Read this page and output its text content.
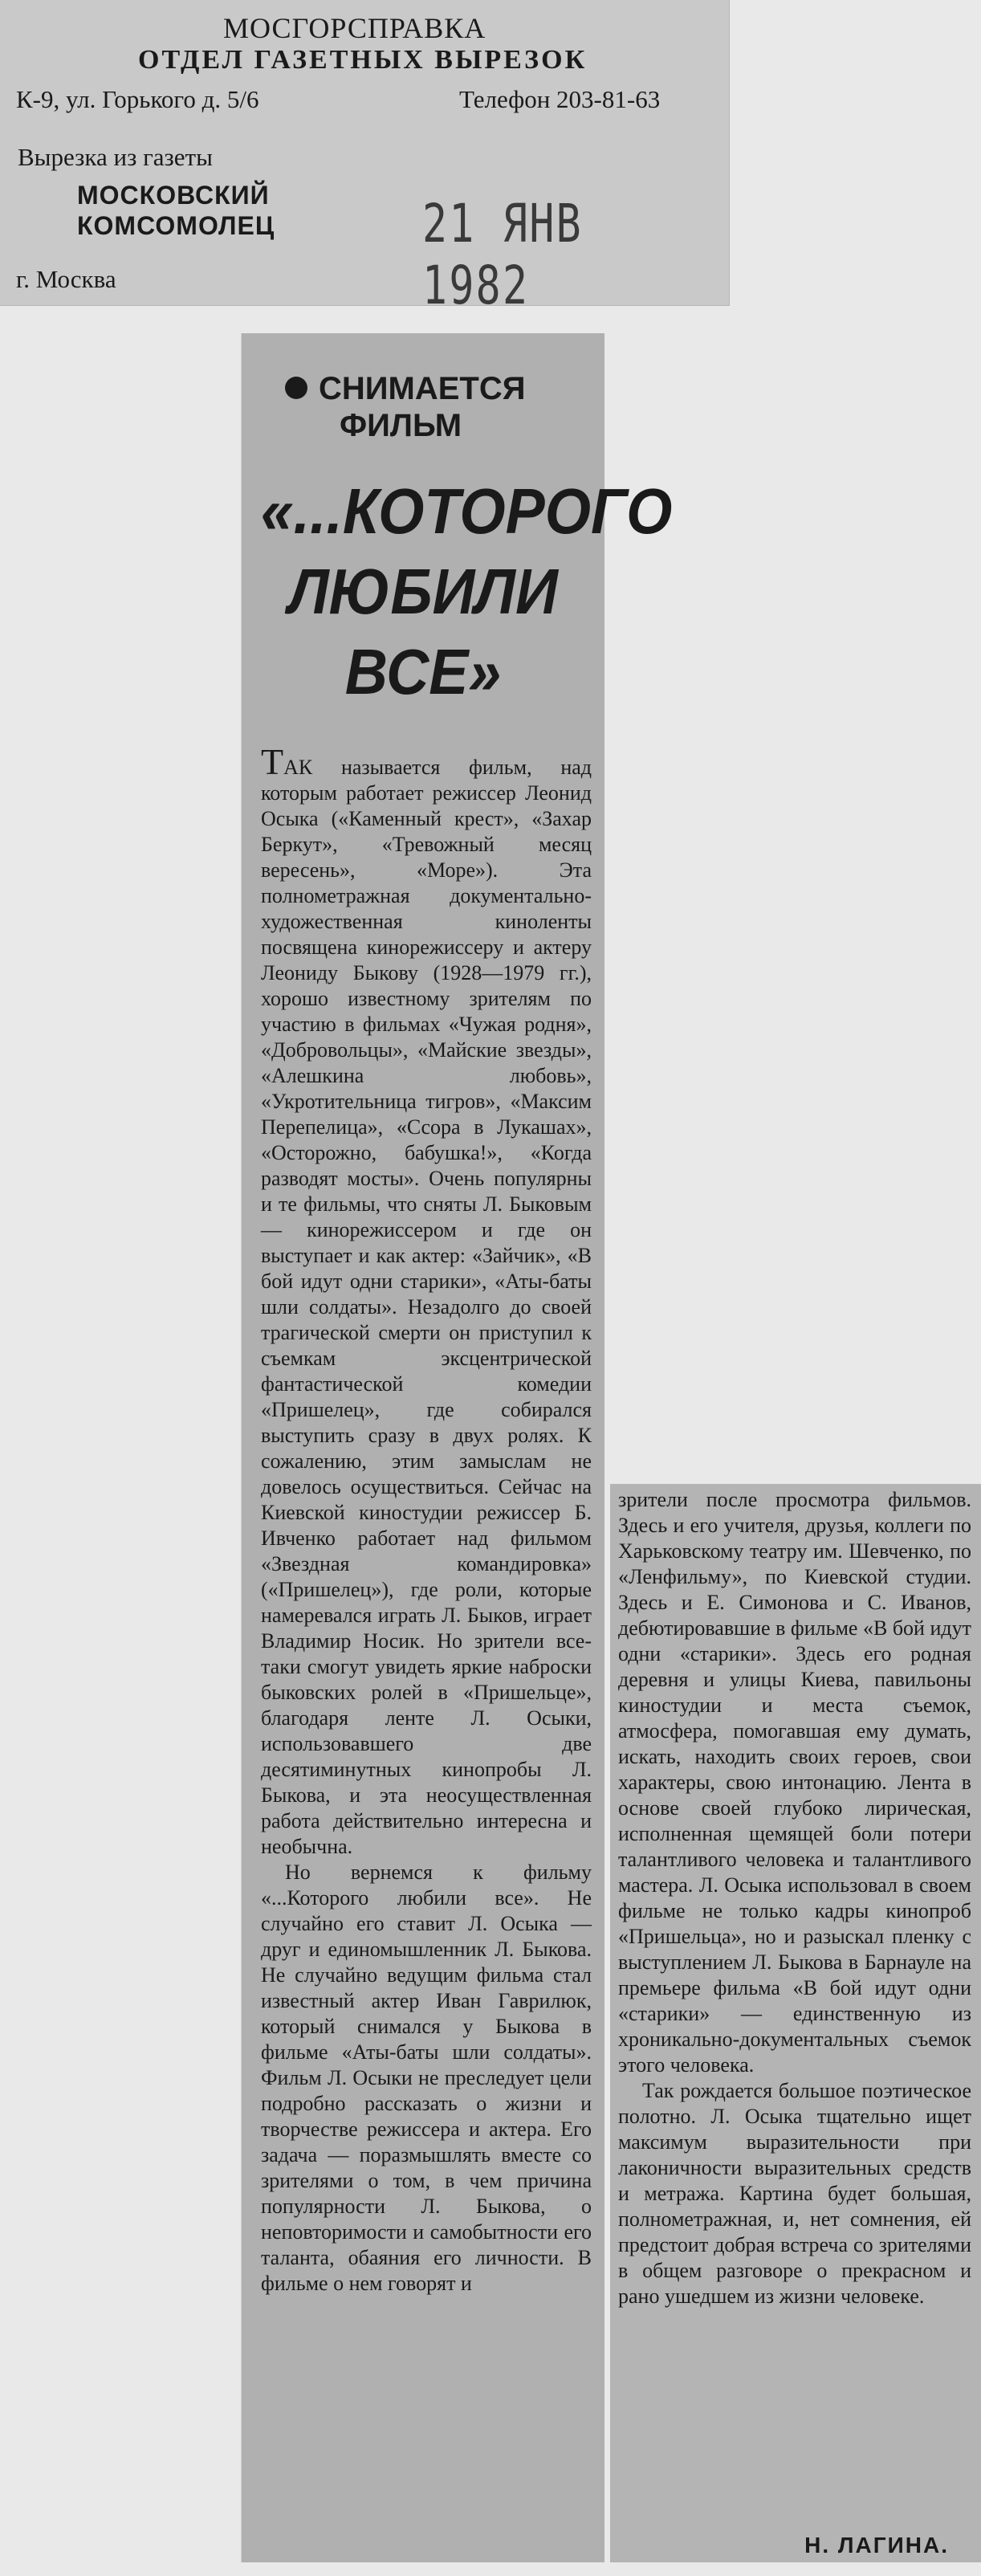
МОСГОРСПРАВКА
ОТДЕЛ ГАЗЕТНЫХ ВЫРЕЗОК
К-9, ул. Горького д. 5/6	Телефон 203-81-63
Вырезка из газеты
МОСКОВСКИЙ
КОМСОМОЛЕЦ	21 ЯНВ 1982
г. Москва
СНИМАЕТСЯ
ФИЛЬМ
«...КОТОРОГО
ЛЮБИЛИ
ВСЕ»

ТАК называется фильм, над которым работает режиссер Леонид Осыка («Каменный крест», «Захар Беркут», «Тревожный месяц вересень», «Море»). Эта полнометражная документально-художественная киноленты посвящена кинорежиссеру и актеру Леониду Быкову (1928—1979 гг.), хорошо известному зрителям по участию в фильмах «Чужая родня», «Добровольцы», «Майские звезды», «Алешкина любовь», «Укротительница тигров», «Максим Перепелица», «Ссора в Лукашах», «Осторожно, бабушка!», «Когда разводят мосты». Очень популярны и те фильмы, что сняты Л. Быковым — кинорежиссером и где он выступает и как актер: «Зайчик», «В бой идут одни старики», «Аты-баты шли солдаты». Незадолго до своей трагической смерти он приступил к съемкам эксцентрической фантастической комедии «Пришелец», где собирался выступить сразу в двух ролях. К сожалению, этим замыслам не довелось осуществиться. Сейчас на Киевской киностудии режиссер Б. Ивченко работает над фильмом «Звездная командировка» («Пришелец»), где роли, которые намеревался играть Л. Быков, играет Владимир Носик. Но зрители все-таки смогут увидеть яркие наброски быковских ролей в «Пришельце», благодаря ленте Л. Осыки, использовавшего две десятиминутных кинопробы Л. Быкова, и эта неосуществленная работа действительно интересна и необычна.

Но вернемся к фильму «...Которого любили все». Не случайно его ставит Л. Осыка — друг и единомышленник Л. Быкова. Не случайно ведущим фильма стал известный актер Иван Гаврилюк, который снимался у Быкова в фильме «Аты-баты шли солдаты». Фильм Л. Осыки не преследует цели подробно рассказать о жизни и творчестве режиссера и актера. Его задача — поразмышлять вместе со зрителями о том, в чем причина популярности Л. Быкова, о неповторимости и самобытности его таланта, обаяния его личности. В фильме о нем говорят и

зрители после просмотра фильмов. Здесь и его учителя, друзья, коллеги по Харьковскому театру им. Шевченко, по «Ленфильму», по Киевской студии. Здесь и Е. Симонова и С. Иванов, дебютировавшие в фильме «В бой идут одни «старики». Здесь его родная деревня и улицы Киева, павильоны киностудии и места съемок, атмосфера, помогавшая ему думать, искать, находить своих героев, свои характеры, свою интонацию. Лента в основе своей глубоко лирическая, исполненная щемящей боли потери талантливого человека и талантливого мастера. Л. Осыка использовал в своем фильме не только кадры кинопроб «Пришельца», но и разыскал пленку с выступлением Л. Быкова в Барнауле на премьере фильма «В бой идут одни «старики» — единственную из хроникально-документальных съемок этого человека.

Так рождается большое поэтическое полотно. Л. Осыка тщательно ищет максимум выразительности при лаконичности выразительных средств и метража. Картина будет большая, полнометражная, и, нет сомнения, ей предстоит добрая встреча со зрителями в общем разговоре о прекрасном и рано ушедшем из жизни человеке.

Н. ЛАГИНА.
